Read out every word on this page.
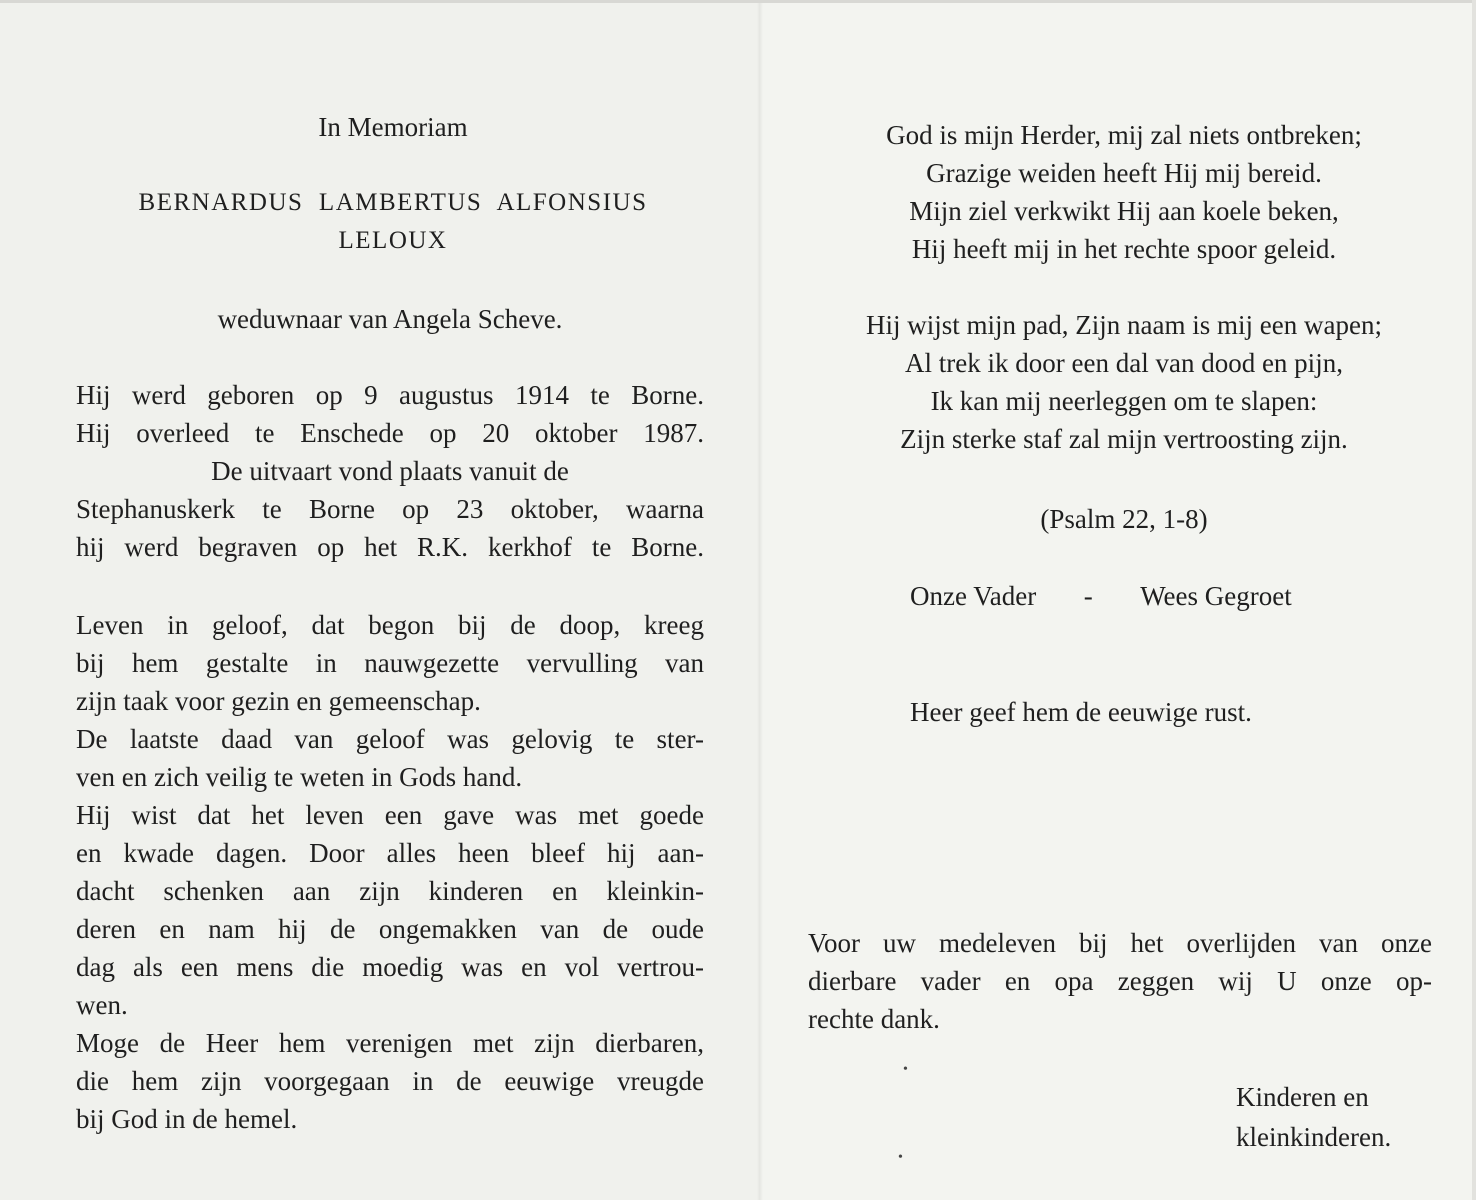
In Memoriam
BERNARDUS  LAMBERTUS  ALFONSIUS
LELOUX
weduwnaar van Angela Scheve.
Hij werd geboren op 9 augustus 1914 te Borne.
Hij overleed te Enschede op 20 oktober 1987.
De uitvaart vond plaats vanuit de
Stephanuskerk te Borne op 23 oktober, waarna
hij werd begraven op het R.K. kerkhof te Borne.
Leven in geloof, dat begon bij de doop, kreeg
bij hem gestalte in nauwgezette vervulling van
zijn taak voor gezin en gemeenschap.
De laatste daad van geloof was gelovig te ster-
ven en zich veilig te weten in Gods hand.
Hij wist dat het leven een gave was met goede
en kwade dagen. Door alles heen bleef hij aan-
dacht schenken aan zijn kinderen en kleinkin-
deren en nam hij de ongemakken van de oude
dag als een mens die moedig was en vol vertrou-
wen.
Moge de Heer hem verenigen met zijn dierbaren,
die hem zijn voorgegaan in de eeuwige vreugde
bij God in de hemel.
God is mijn Herder, mij zal niets ontbreken;
Grazige weiden heeft Hij mij bereid.
Mijn ziel verkwikt Hij aan koele beken,
Hij heeft mij in het rechte spoor geleid.
Hij wijst mijn pad, Zijn naam is mij een wapen;
Al trek ik door een dal van dood en pijn,
Ik kan mij neerleggen om te slapen:
Zijn sterke staf zal mijn vertroosting zijn.
(Psalm 22, 1-8)
Onze Vader - Wees Gegroet
Heer geef hem de eeuwige rust.
Voor uw medeleven bij het overlijden van onze
dierbare vader en opa zeggen wij U onze op-
rechte dank.
Kinderen en
kleinkinderen.
•
•
